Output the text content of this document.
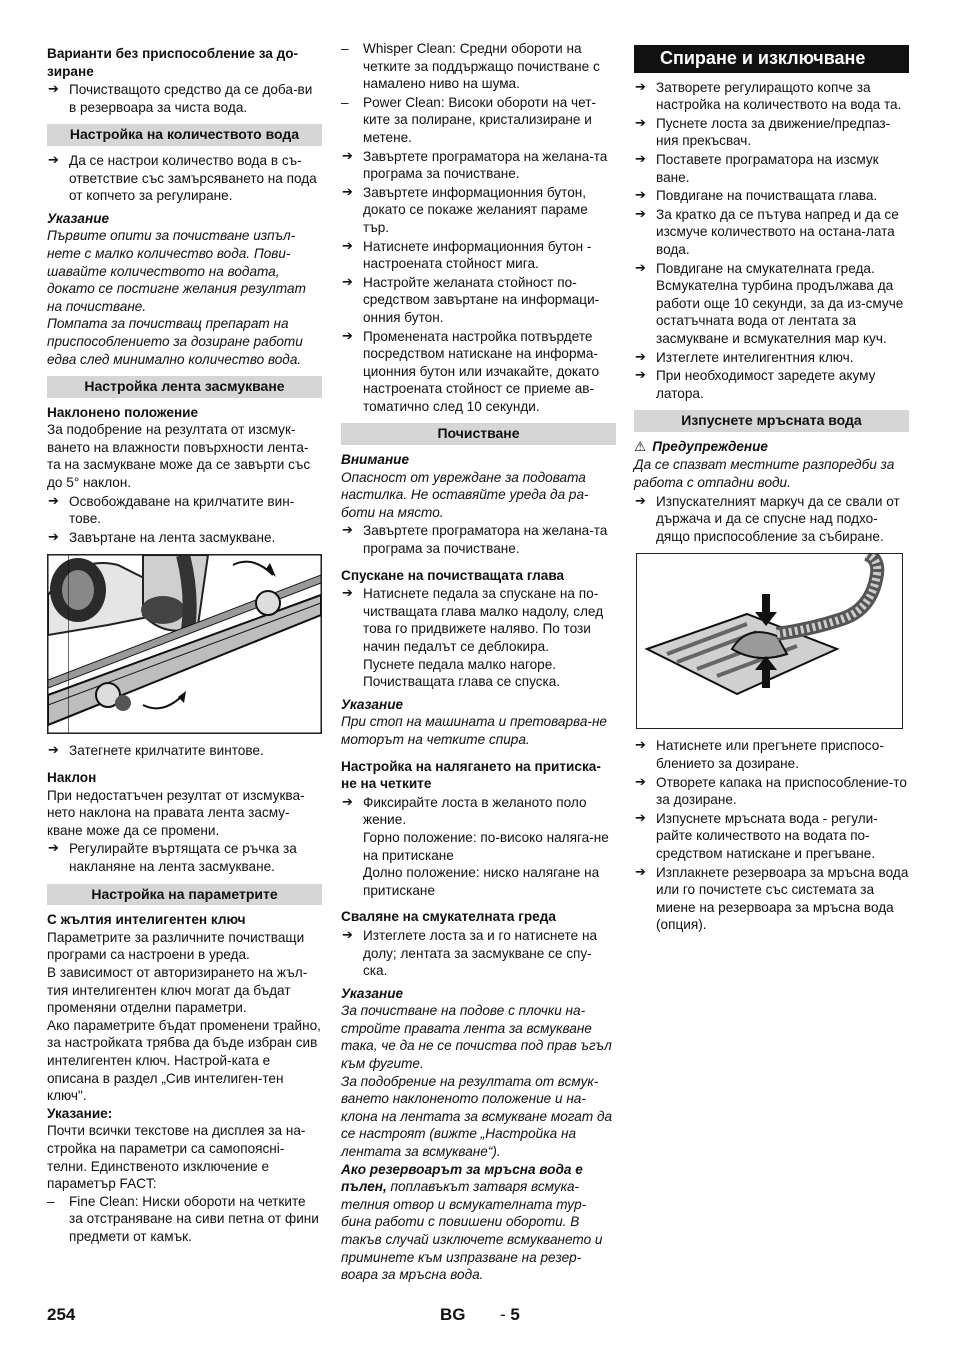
Варианти без приспособление за до-зиране

➔ Почистващото средство да се доба-ви в резервоара за чиста вода.

Настройка на количеството вода

➔ Да се настрои количество вода в съ-ответствие със замърсяването на пода от копчето за регулиране.

Указание

Първите опити за почистване изпъл-нете с малко количество вода. Пови-шавайте количеството на водата, докато се постигне желания резултат на почистване.

Помпата за почистващ препарат на приспособлението за дозиране работи едва след минимално количество вода.

Настройка лента засмукване

Наклонено положение

За подобрение на резултата от изсмук-ването на влажности повърхности лента-та на засмукване може да се завърти със до 5° наклон.

➔ Освобождаване на крилчатите вин-тове.

➔ Завъртане на лента засмукване.

➔ Затегнете крилчатите винтове.

Наклон

При недостатъчен резултат от изсмуква-нето наклона на правата лента засму-кване може да се промени.

➔ Регулирайте въртящата се ръчка за накланяне на лента засмукване.

Настройка на параметрите

С жълтия интелигентен ключ

Параметрите за различните почистващи програми са настроени в уреда.

В зависимост от авторизирането на жъл-тия интелигентен ключ могат да бъдат променяни отделни параметри.

Ако параметрите бъдат променени трайно, за настройката трябва да бъде избран сив интелигентен ключ. Настрой-ката е описана в раздел „Сив интелиген-тен ключ".

Указание:

Почти всички текстове на дисплея за на-стройка на параметри са самопояснi-телни. Единственото изключение е параметър FACT:

– Fine Clean: Ниски обороти на четките за отстраняване на сиви петна от фини предмети от камък.

– Whisper Clean: Средни обороти на четките за поддържащо почистване с намалено ниво на шума.

– Power Clean: Високи обороти на чет-ките за полиране, кристализиране и метене.

➔ Завъртете програматора на желана-та програма за почистване.

➔ Завъртете информационния бутон, докато се покаже желаният параме тър.

➔ Натиснете информационния бутон - настроената стойност мига.

➔ Настройте желаната стойност по-средством завъртане на информаци-онния бутон.

➔ Променената настройка потвърдете посредством натискане на информа-ционния бутон или изчакайте, докато настроената стойност се приеме ав-томатично след 10 секунди.

Почистване

Внимание

Опасност от увреждане за подовата настилка. Не оставяйте уреда да ра-боти на място.

➔ Завъртете програматора на желана-та програма за почистване.

Спускане на почистващата глава

➔ Натиснете педала за спускане на по-чистващата глава малко надолу, след това го придвижете наляво. По този начин педалът се деблокира.

Пуснете педала малко нагоре.

Почистващата глава се спуска.

Указание

При стоп на машината и претоварва-не моторът на четките спира.

Настройка на налягането на притиска-не на четките

➔ Фиксирайте лоста в желаното поло жение.

Горно положение: по-високо наляга-не на притискане

Долно положение: ниско налягане на притискане

Сваляне на смукателната греда

➔ Изтеглете лоста за и го натиснете на долу; лентата за засмукване се спу-ска.

Указание

За почистване на подове с плочки на-стройте правата лента за всмукване така, че да не се почиства под прав ъгъл към фугите.

За подобрение на резултата от всмук-ването наклоненото положение и на-клона на лентата за всмукване могат да се настроят (вижте „Настройка на лентата за всмукване“).

Ако резервоарът за мръсна вода е пълен, поплавъкът затваря всмука-телния отвор и всмукателната тур-бина работи с повишени обороти. В такъв случай изключете всмукването и приминете към изпразване на резер-воара за мръсна вода.

Спиране и изключване

➔ Затворете регулиращото копче за настройка на количеството на вода та.

➔ Пуснете лоста за движение/предпаз-ния прекъсвач.

➔ Поставете програматора на изсмук ване.

➔ Повдигане на почистващата глава.

➔ За кратко да се пътува напред и да се изсмуче количеството на остана-лата вода.

➔ Повдигане на смукателната греда.

Всмукателна турбина продължава да работи още 10 секунди, за да из-смуче остатъчната вода от лентата за засмукване и всмукателния мар куч.

➔ Изтеглете интелигентния ключ.

➔ При необходимост заредете акуму латора.

Изпуснете мръсната вода

⚠ Предупреждение

Да се спазват местните разпоредби за работа с отпадни води.

➔ Изпускателният маркуч да се свали от държача и да се спусне над подхо-дящо приспособление за събиране.

➔ Натиснете или прегънете приспосо-блението за дозиране.

➔ Отворете капака на приспособление-то за дозиране.

➔ Изпуснете мръсната вода - регули-райте количеството на водата по-средством натискане и прегъване.

➔ Изплакнете резервоара за мръсна вода или го почистете със системата за миене на резервоара за мръсна вода (опция).

254	BG - 5
